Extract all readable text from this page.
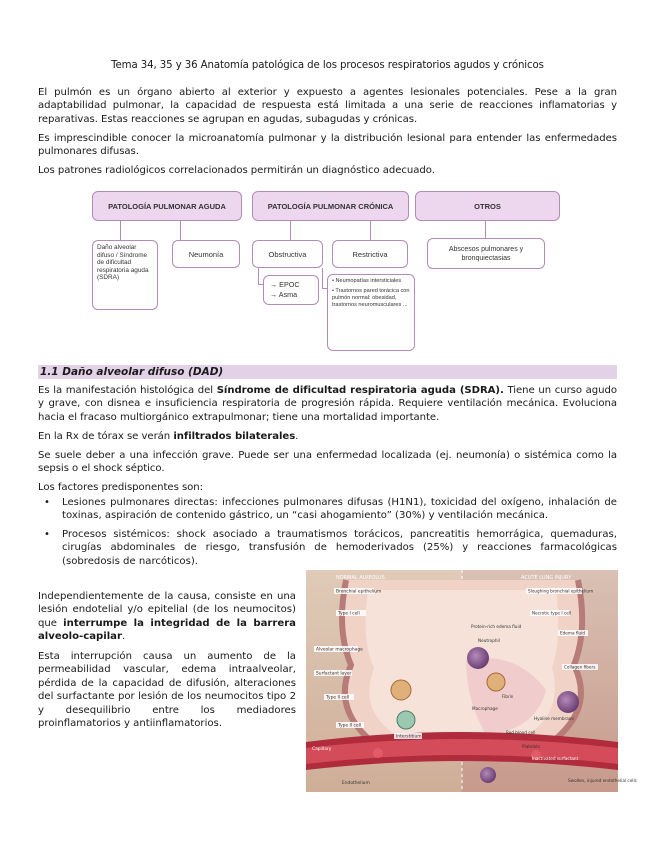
Tema 34, 35 y 36 Anatomía patológica de los procesos respiratorios agudos y crónicos
El pulmón es un órgano abierto al exterior y expuesto a agentes lesionales potenciales. Pese a la gran adaptabilidad pulmonar, la capacidad de respuesta está limitada a una serie de reacciones inflamatorias y reparativas. Estas reacciones se agrupan en agudas, subagudas y crónicas.
Es imprescindible conocer la microanatomía pulmonar y la distribución lesional para entender las enfermedades pulmonares difusas.
Los patrones radiológicos correlacionados permitirán un diagnóstico adecuado.
PATOLOGÍA PULMONAR AGUDA	PATOLOGÍA PULMONAR CRÓNICA	OTROS
Daño alveolar difuso / Síndrome de dificultad respiratoria aguda (SDRA)
Neumonía	Obstructiva	Restrictiva
Abscesos pulmonares y bronquiectasias
→ EPOC
→ Asma
• Neumopatías intersticiales
• Trastornos pared torácica con pulmón normal: obesidad, trastornos neuromusculares ...
1.1 Daño alveolar difuso (DAD)
Es la manifestación histológica del Síndrome de dificultad respiratoria aguda (SDRA). Tiene un curso agudo y grave, con disnea e insuficiencia respiratoria de progresión rápida. Requiere ventilación mecánica. Evoluciona hacia el fracaso multiorgánico extrapulmonar; tiene una mortalidad importante.
En la Rx de tórax se verán infiltrados bilaterales.
Se suele deber a una infección grave. Puede ser una enfermedad localizada (ej. neumonía) o sistémica como la sepsis o el shock séptico.
Los factores predisponentes son:
• Lesiones pulmonares directas: infecciones pulmonares difusas (H1N1), toxicidad del oxígeno, inhalación de toxinas, aspiración de contenido gástrico, un “casi ahogamiento” (30%) y ventilación mecánica.
• Procesos sistémicos: shock asociado a traumatismos torácicos, pancreatitis hemorrágica, quemaduras, cirugías abdominales de riesgo, transfusión de hemoderivados (25%) y reacciones farmacológicas (sobredosis de narcóticos).
Independientemente de la causa, consiste en una lesión endotelial y/o epitelial (de los neumocitos) que interrumpe la integridad de la barrera alveolo-capilar.
Esta interrupción causa un aumento de la permeabilidad vascular, edema intraalveolar, pérdida de la capacidad de difusión, alteraciones del surfactante por lesión de los neumocitos tipo 2 y desequilibrio entre los mediadores proinflamatorios y antiinflamatorios.
NORMAL ALVEOLUS	ACUTE LUNG INJURY
Bronchial epithelium
Type I cell
Alveolar macrophage
Surfactant layer
Type II cell
Type II cell
Interstitium
Capillary
Endothelium
Sloughing bronchial epithelium
Necrotic type I cell
Protein-rich edema fluid
Edema fluid
Collagen fibers
Neutrophil
Fibrin
Macrophage
Red blood cell
Platelets
Hyaline membrane
Inactivated surfactant
Swollen, injured endothelial cells
